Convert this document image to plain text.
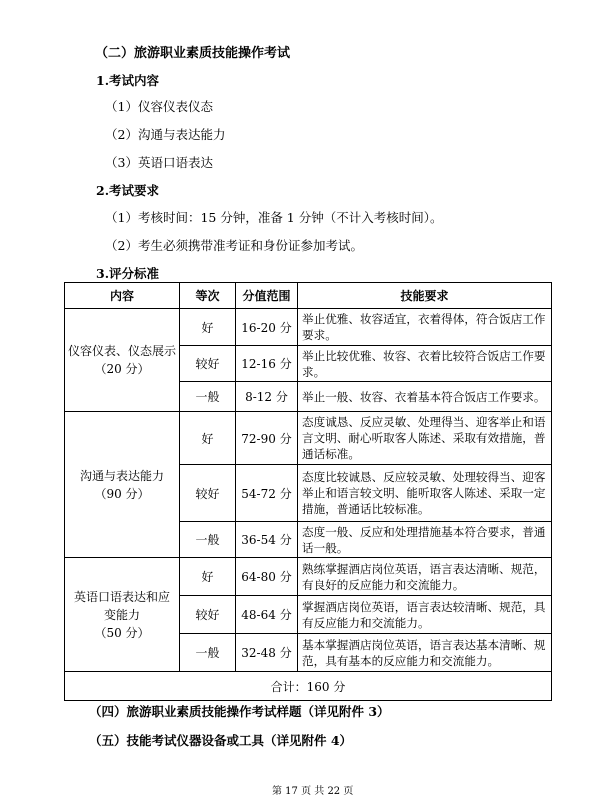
（二）旅游职业素质技能操作考试
1.考试内容
（1）仪容仪表仪态
（2）沟通与表达能力
（3）英语口语表达
2.考试要求
（1）考核时间：15 分钟，准备 1 分钟（不计入考核时间）。
（2）考生必须携带准考证和身份证参加考试。
3.评分标准
内容	等次	分值范围	技能要求

仪容仪表、仪态展示
（20 分）	好	16-20 分	举止优雅、妆容适宜，衣着得体，符合饭店工作要求。
	较好	12-16 分	举止比较优雅、妆容、衣着比较符合饭店工作要求。
	一般	8-12 分	举止一般、妆容、衣着基本符合饭店工作要求。

沟通与表达能力
（90 分）	好	72-90 分	态度诚恳、反应灵敏、处理得当、迎客举止和语言文明、耐心听取客人陈述、采取有效措施，普通话标准。
	较好	54-72 分	态度比较诚恳、反应较灵敏、处理较得当、迎客举止和语言较文明、能听取客人陈述、采取一定措施，普通话比较标准。
	一般	36-54 分	态度一般、反应和处理措施基本符合要求，普通话一般。

英语口语表达和应
变能力
（50 分）	好	64-80 分	熟练掌握酒店岗位英语，语言表达清晰、规范，有良好的反应能力和交流能力。
	较好	48-64 分	掌握酒店岗位英语，语言表达较清晰、规范，具有反应能力和交流能力。
	一般	32-48 分	基本掌握酒店岗位英语，语言表达基本清晰、规范，具有基本的反应能力和交流能力。
合计：160 分			
（四）旅游职业素质技能操作考试样题（详见附件 3）
（五）技能考试仪器设备或工具（详见附件 4）
第 17 页 共 22 页
